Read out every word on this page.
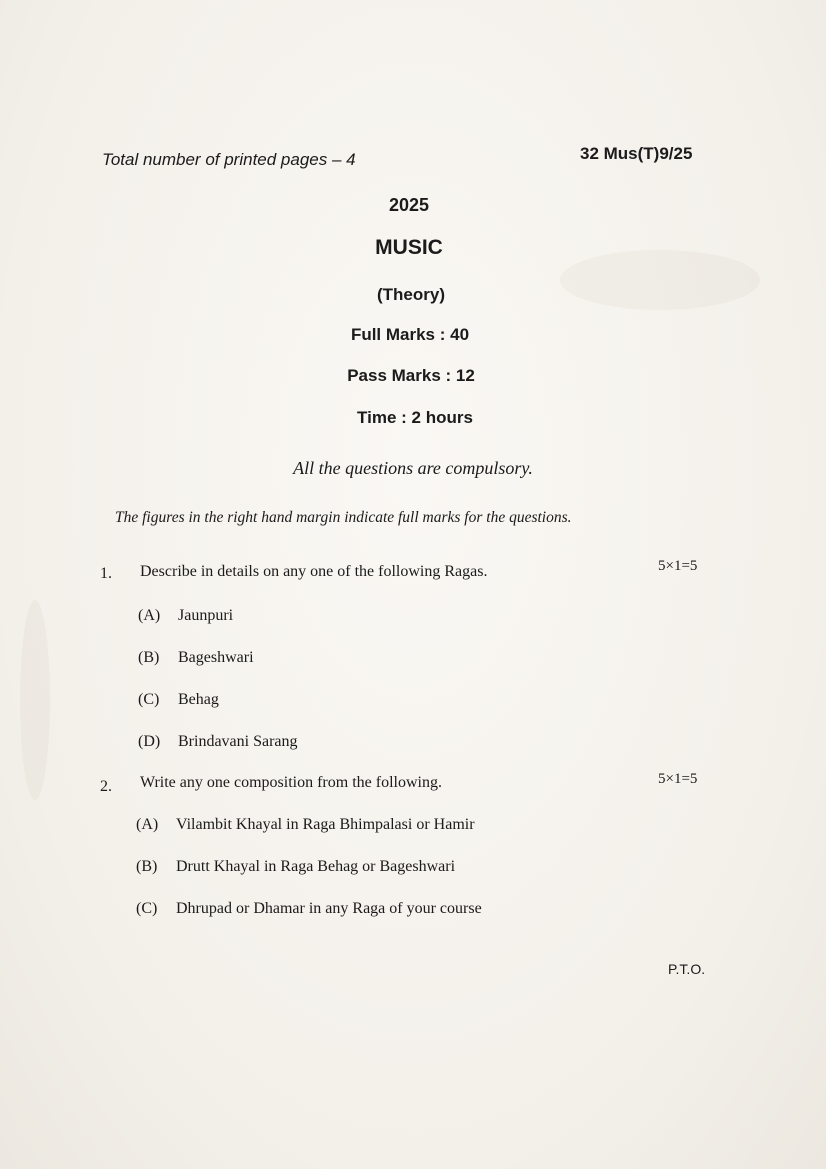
Total number of printed pages – 4	32 Mus(T)9/25
2025
MUSIC
(Theory)
Full Marks : 40
Pass Marks : 12
Time : 2 hours
All the questions are compulsory.
The figures in the right hand margin indicate full marks for the questions.
1. Describe in details on any one of the following Ragas.	5×1=5
(A) Jaunpuri
(B) Bageshwari
(C) Behag
(D) Brindavani Sarang
2. Write any one composition from the following.	5×1=5
(A) Vilambit Khayal in Raga Bhimpalasi or Hamir
(B) Drutt Khayal in Raga Behag or Bageshwari
(C) Dhrupad or Dhamar in any Raga of your course
P.T.O.
